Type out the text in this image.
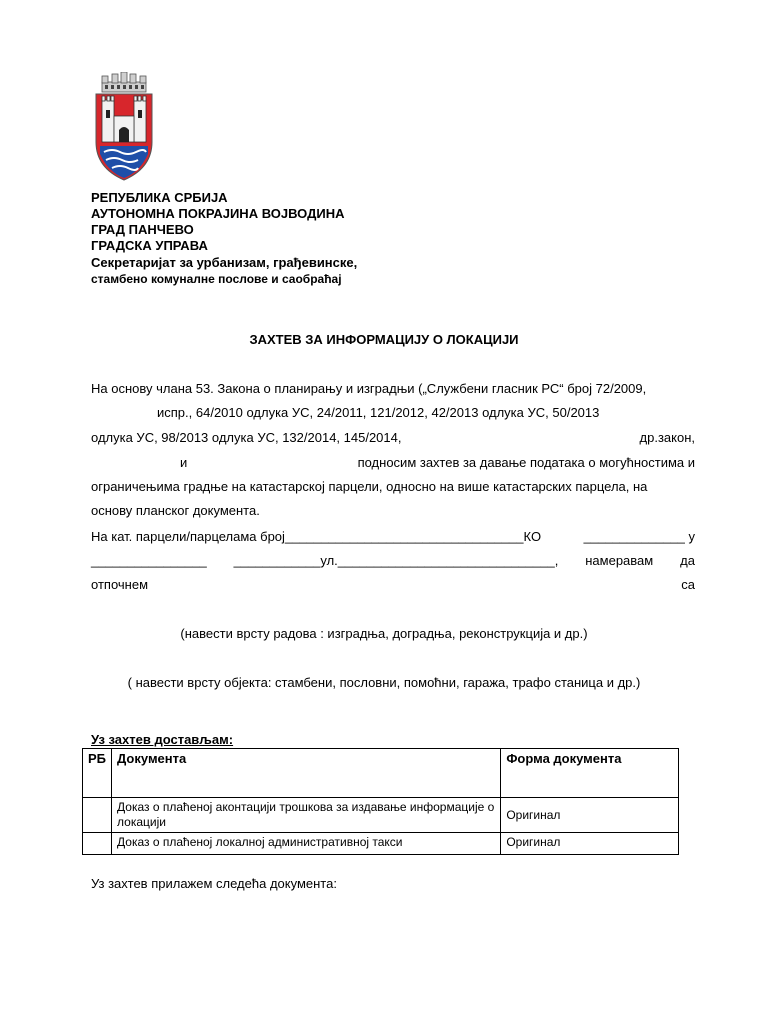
РЕПУБЛИКА СРБИЈА
АУТОНОМНА ПОКРАЈИНА ВОЈВОДИНА
ГРАД ПАНЧЕВО
ГРАДСКА УПРАВА
Секретаријат за урбанизам, грађевинске,
стамбено комуналне послове и саобраћај
ЗАХТЕВ ЗА ИНФОРМАЦИЈУ О ЛОКАЦИЈИ
На основу члана 53. Закона о планирању и изградњи („Службени гласник РС“ број 72/2009,
испр., 64/2010 одлука УС, 24/2011, 121/2012, 42/2013 одлука УС, 50/2013
одлука УС, 98/2013 одлука УС, 132/2014, 145/2014,	др.закон,
и	подносим захтев за давање података о могућностима и
ограничењима градње на катастарској парцели, односно на више катастарских парцела, на
основу планског документа.
На кат. парцели/парцелама број_________________________________КО	______________ у
________________ ____________ул.______________________________, намеравам да
отпочнем	са
(навести врсту радова : изградња, доградња, реконструкција и др.)
( навести врсту објекта: стамбени, пословни, помоћни, гаража, трафо станица и др.)
Уз захтев достављам:
РБ	Документа	Форма документа
	Доказ о плаћеној аконтацији трошкова за издавање информације о локацији	Оригинал
	Доказ о плаћеној локалној административној такси	Оригинал
Уз захтев прилажем следећа документа:
